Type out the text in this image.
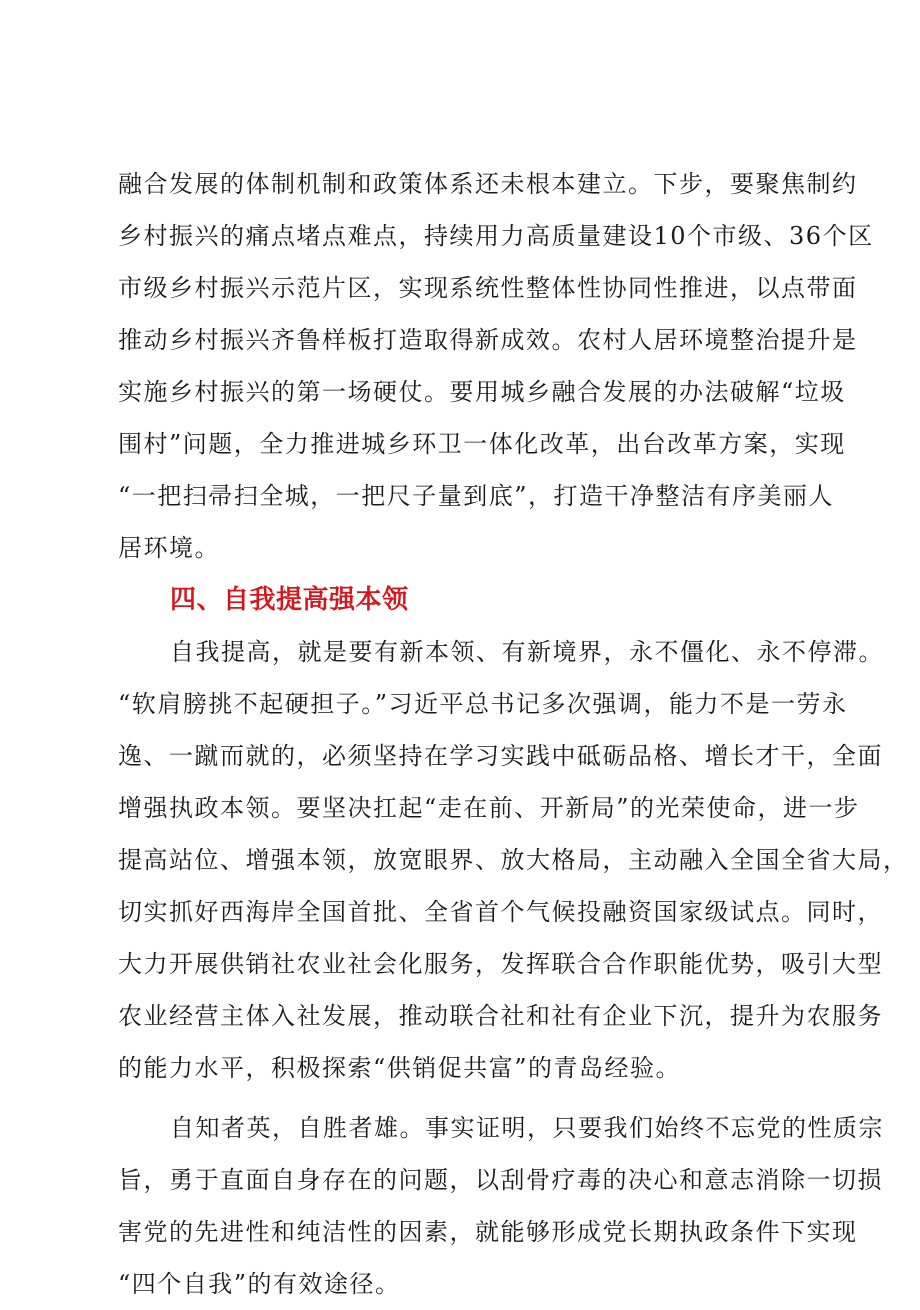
融合发展的体制机制和政策体系还未根本建立。下步，要聚焦制约
乡村振兴的痛点堵点难点，持续用力高质量建设10个市级、36个区
市级乡村振兴示范片区，实现系统性整体性协同性推进，以点带面
推动乡村振兴齐鲁样板打造取得新成效。农村人居环境整治提升是
实施乡村振兴的第一场硬仗。要用城乡融合发展的办法破解“垃圾
围村”问题，全力推进城乡环卫一体化改革，出台改革方案，实现
“一把扫帚扫全城，一把尺子量到底”，打造干净整洁有序美丽人
居环境。
四、自我提高强本领
自我提高，就是要有新本领、有新境界，永不僵化、永不停滞。
“软肩膀挑不起硬担子。”习近平总书记多次强调，能力不是一劳永
逸、一蹴而就的，必须坚持在学习实践中砥砺品格、增长才干，全面
增强执政本领。要坚决扛起“走在前、开新局”的光荣使命，进一步
提高站位、增强本领，放宽眼界、放大格局，主动融入全国全省大局，
切实抓好西海岸全国首批、全省首个气候投融资国家级试点。同时，
大力开展供销社农业社会化服务，发挥联合合作职能优势，吸引大型
农业经营主体入社发展，推动联合社和社有企业下沉，提升为农服务
的能力水平，积极探索“供销促共富”的青岛经验。
自知者英，自胜者雄。事实证明，只要我们始终不忘党的性质宗
旨，勇于直面自身存在的问题，以刮骨疗毒的决心和意志消除一切损
害党的先进性和纯洁性的因素，就能够形成党长期执政条件下实现
“四个自我”的有效途径。
